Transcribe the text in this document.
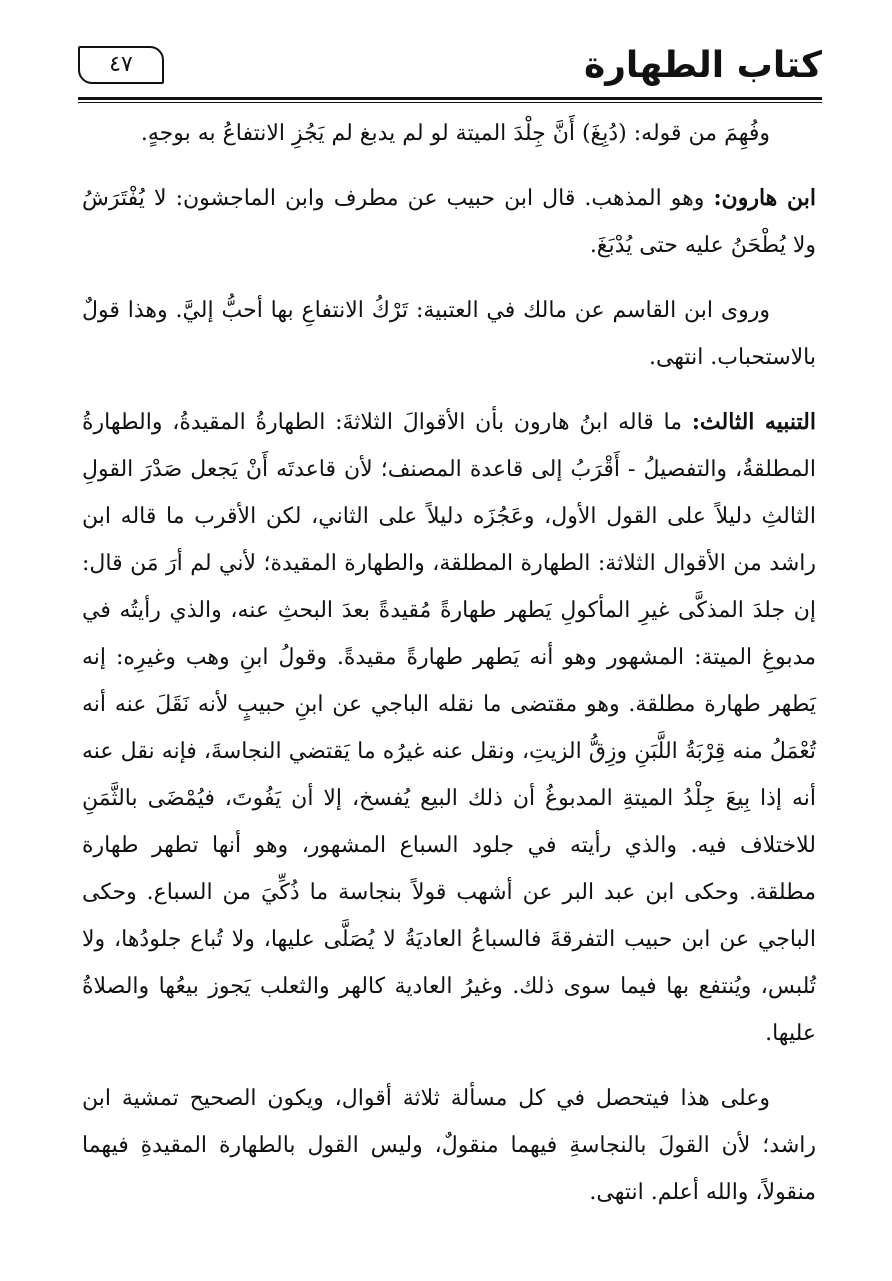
كتاب الطهارة
٤٧

وفُهِمَ من قوله: (دُبِغَ) أَنَّ جِلْدَ الميتة لو لم يدبغ لم يَجُزِ الانتفاعُ به بوجهٍ.

ابن هارون: وهو المذهب. قال ابن حبيب عن مطرف وابن الماجشون: لا يُفْتَرَشُ ولا يُطْحَنُ عليه حتى يُدْبَغَ.

وروى ابن القاسم عن مالك في العتبية: تَرْكُ الانتفاعِ بها أحبُّ إليَّ. وهذا قولٌ بالاستحباب. انتهى.

التنبيه الثالث: ما قاله ابنُ هارون بأن الأقوالَ الثلاثةَ: الطهارةُ المقيدةُ، والطهارةُ المطلقةُ، والتفصيلُ - أَقْرَبُ إلى قاعدة المصنف؛ لأن قاعدتَه أَنْ يَجعل صَدْرَ القولِ الثالثِ دليلاً على القول الأول، وعَجُزَه دليلاً على الثاني، لكن الأقرب ما قاله ابن راشد من الأقوال الثلاثة: الطهارة المطلقة، والطهارة المقيدة؛ لأني لم أرَ مَن قال: إن جلدَ المذكَّى غيرِ المأكولِ يَطهر طهارةً مُقيدةً بعدَ البحثِ عنه، والذي رأيتُه في مدبوغِ الميتة: المشهور وهو أنه يَطهر طهارةً مقيدةً. وقولُ ابنِ وهب وغيرِه: إنه يَطهر طهارة مطلقة. وهو مقتضى ما نقله الباجي عن ابنِ حبيبٍ لأنه نَقَلَ عنه أنه تُعْمَلُ منه قِرْبَةُ اللَّبَنِ وزِقُّ الزيتِ، ونقل عنه غيرُه ما يَقتضي النجاسةَ، فإنه نقل عنه أنه إذا بِيعَ جِلْدُ الميتةِ المدبوغُ أن ذلك البيع يُفسخ، إلا أن يَفُوتَ، فيُمْضَى بالثَّمَنِ للاختلاف فيه. والذي رأيته في جلود السباع المشهور، وهو أنها تطهر طهارة مطلقة. وحكى ابن عبد البر عن أشهب قولاً بنجاسة ما ذُكِّيَ من السباع. وحكى الباجي عن ابن حبيب التفرقةَ فالسباعُ العاديَةُ لا يُصَلَّى عليها، ولا تُباع جلودُها، ولا تُلبس، ويُنتفع بها فيما سوى ذلك. وغيرُ العادية كالهر والثعلب يَجوز بيعُها والصلاةُ عليها.

وعلى هذا فيتحصل في كل مسألة ثلاثة أقوال، ويكون الصحيح تمشية ابن راشد؛ لأن القولَ بالنجاسةِ فيهما منقولٌ، وليس القول بالطهارة المقيدةِ فيهما منقولاً، والله أعلم. انتهى.
